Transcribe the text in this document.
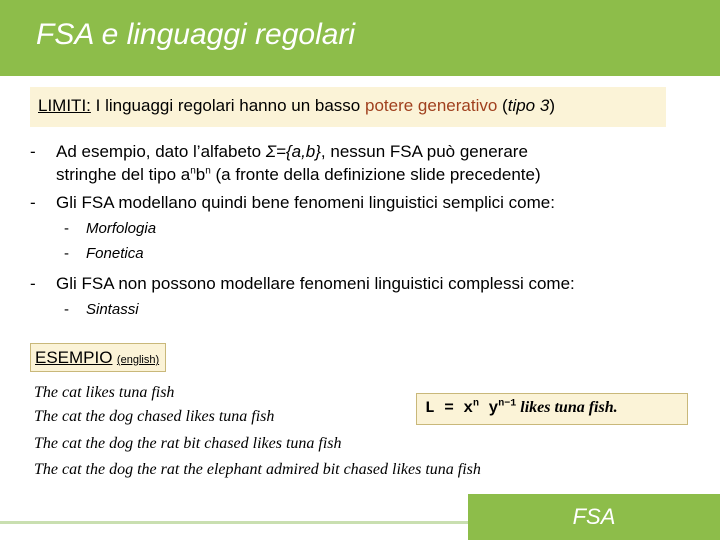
FSA e linguaggi regolari
LIMITI: I linguaggi regolari hanno un basso potere generativo (tipo 3)
- Ad esempio, dato l’alfabeto Σ={a,b}, nessun FSA può generare
stringhe del tipo $a^nb^n$ (a fronte della definizione slide precedente)
- Gli FSA modellano quindi bene fenomeni linguistici semplici come:
- Morfologia
- Fonetica
- Gli FSA non possono modellare fenomeni linguistici complessi come:
- Sintassi
ESEMPIO (english)
The cat likes tuna fish
The cat the dog chased likes tuna fish
The cat the dog the rat bit chased likes tuna fish
The cat the dog the rat the elephant admired bit chased likes tuna fish
$L = x^n$ $y^{n-1}$ likes tuna fish.
FSA
